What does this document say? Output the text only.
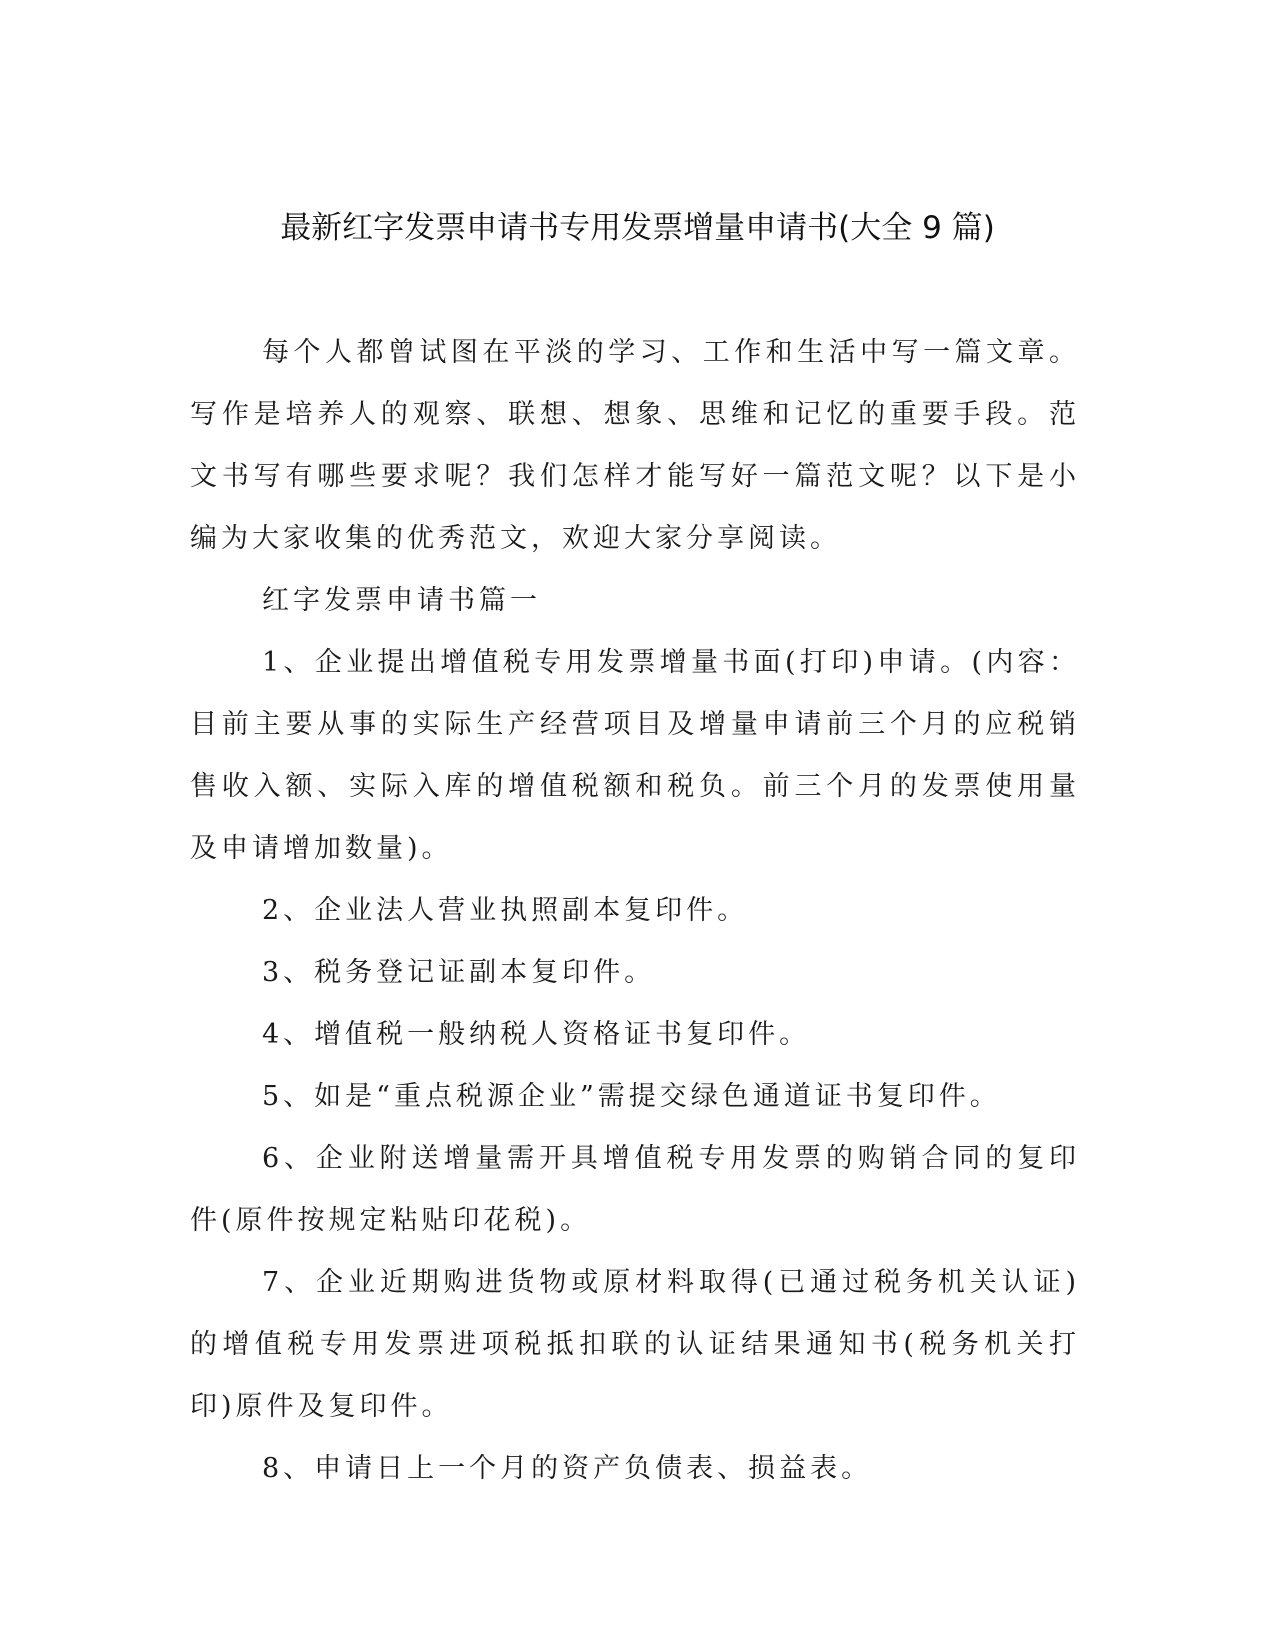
最新红字发票申请书专用发票增量申请书(大全 9 篇)

每个人都曾试图在平淡的学习、工作和生活中写一篇文章。写作是培养人的观察、联想、想象、思维和记忆的重要手段。范文书写有哪些要求呢？我们怎样才能写好一篇范文呢？以下是小编为大家收集的优秀范文，欢迎大家分享阅读。

红字发票申请书篇一

1、企业提出增值税专用发票增量书面(打印)申请。(内容：目前主要从事的实际生产经营项目及增量申请前三个月的应税销售收入额、实际入库的增值税额和税负。前三个月的发票使用量及申请增加数量)。

2、企业法人营业执照副本复印件。

3、税务登记证副本复印件。

4、增值税一般纳税人资格证书复印件。

5、如是“重点税源企业”需提交绿色通道证书复印件。

6、企业附送增量需开具增值税专用发票的购销合同的复印件(原件按规定粘贴印花税)。

7、企业近期购进货物或原材料取得(已通过税务机关认证)的增值税专用发票进项税抵扣联的认证结果通知书(税务机关打印)原件及复印件。

8、申请日上一个月的资产负债表、损益表。
